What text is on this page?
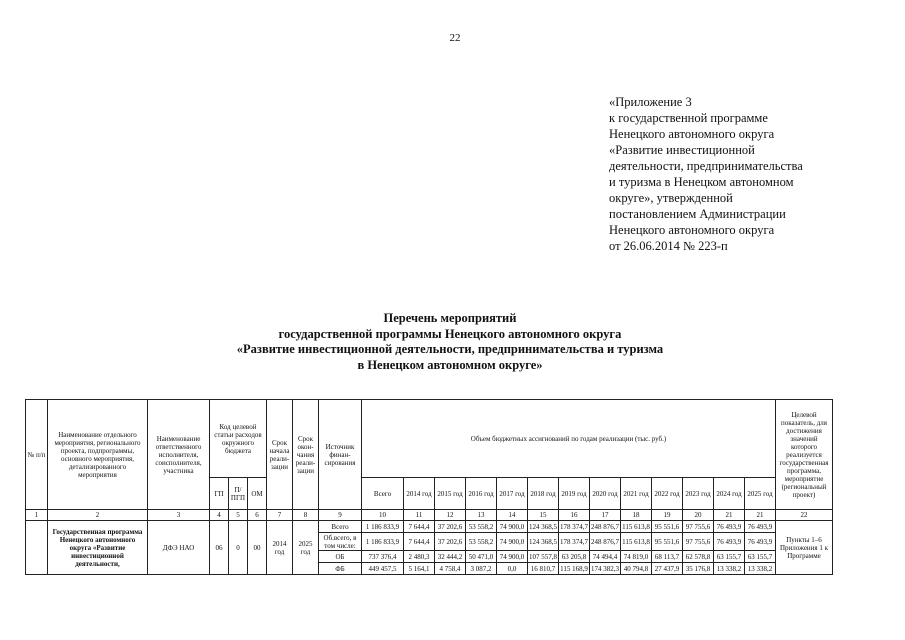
22
«Приложение 3
к государственной программе
Ненецкого автономного округа
«Развитие инвестиционной
деятельности, предпринимательства
и туризма в Ненецком автономном
округе», утвержденной
постановлением Администрации
Ненецкого автономного округа
от 26.06.2014 № 223-п
Перечень мероприятий
государственной программы Ненецкого автономного округа
«Развитие инвестиционной деятельности, предпринимательства и туризма
в Ненецком автономном округе»
№ п/п	Наименование отдельного мероприятия, регионального проекта, подпрограммы, основного мероприятия, детализированного мероприятия	Наименование ответственного исполнителя, соисполнителя, участника	Код целевой статьи расходов окружного бюджета			Срок начала реали-зации	Срок окон-чания реали-зации	Источник финан-сирования	Объем бюджетных ассигнований по годам реализации (тыс. руб.)													Целевой показатель, для достижения значений которого реализуется государственная программа, мероприятие (региональный проект)
			ГП	П/ ПГП	ОМ				Всего	2014 год	2015 год	2016 год	2017 год	2018 год	2019 год	2020 год	2021 год	2022 год	2023 год	2024 год	2025 год	
1	2	3	4	5	6	7	8	9	10	11	12	13	14	15	16	17	18	19	20	21	21	22
	Государственная программа Ненецкого автономного округа «Развитие инвестиционной деятельности,	ДФЭ НАО	06	0	00	2014 год	2025 год	Всего	1 186 833,9	7 644,4	37 202,6	53 558,2	74 900,0	124 368,5	178 374,7	248 876,7	115 613,8	95 551,6	97 755,6	76 493,9	76 493,9	Пункты 1–6 Приложения 1 к Программе
								Об.всего, в том числе:	1 186 833,9	7 644,4	37 202,6	53 558,2	74 900,0	124 368,5	178 374,7	248 876,7	115 613,8	95 551,6	97 755,6	76 493,9	76 493,9	
								ОБ	737 376,4	2 480,3	32 444,2	50 471,0	74 900,0	107 557,8	63 205,8	74 494,4	74 819,0	68 113,7	62 578,8	63 155,7	63 155,7	
								ФБ	449 457,5	5 164,1	4 758,4	3 087,2	0,0	16 810,7	115 168,9	174 382,3	40 794,8	27 437,9	35 176,8	13 338,2	13 338,2	
